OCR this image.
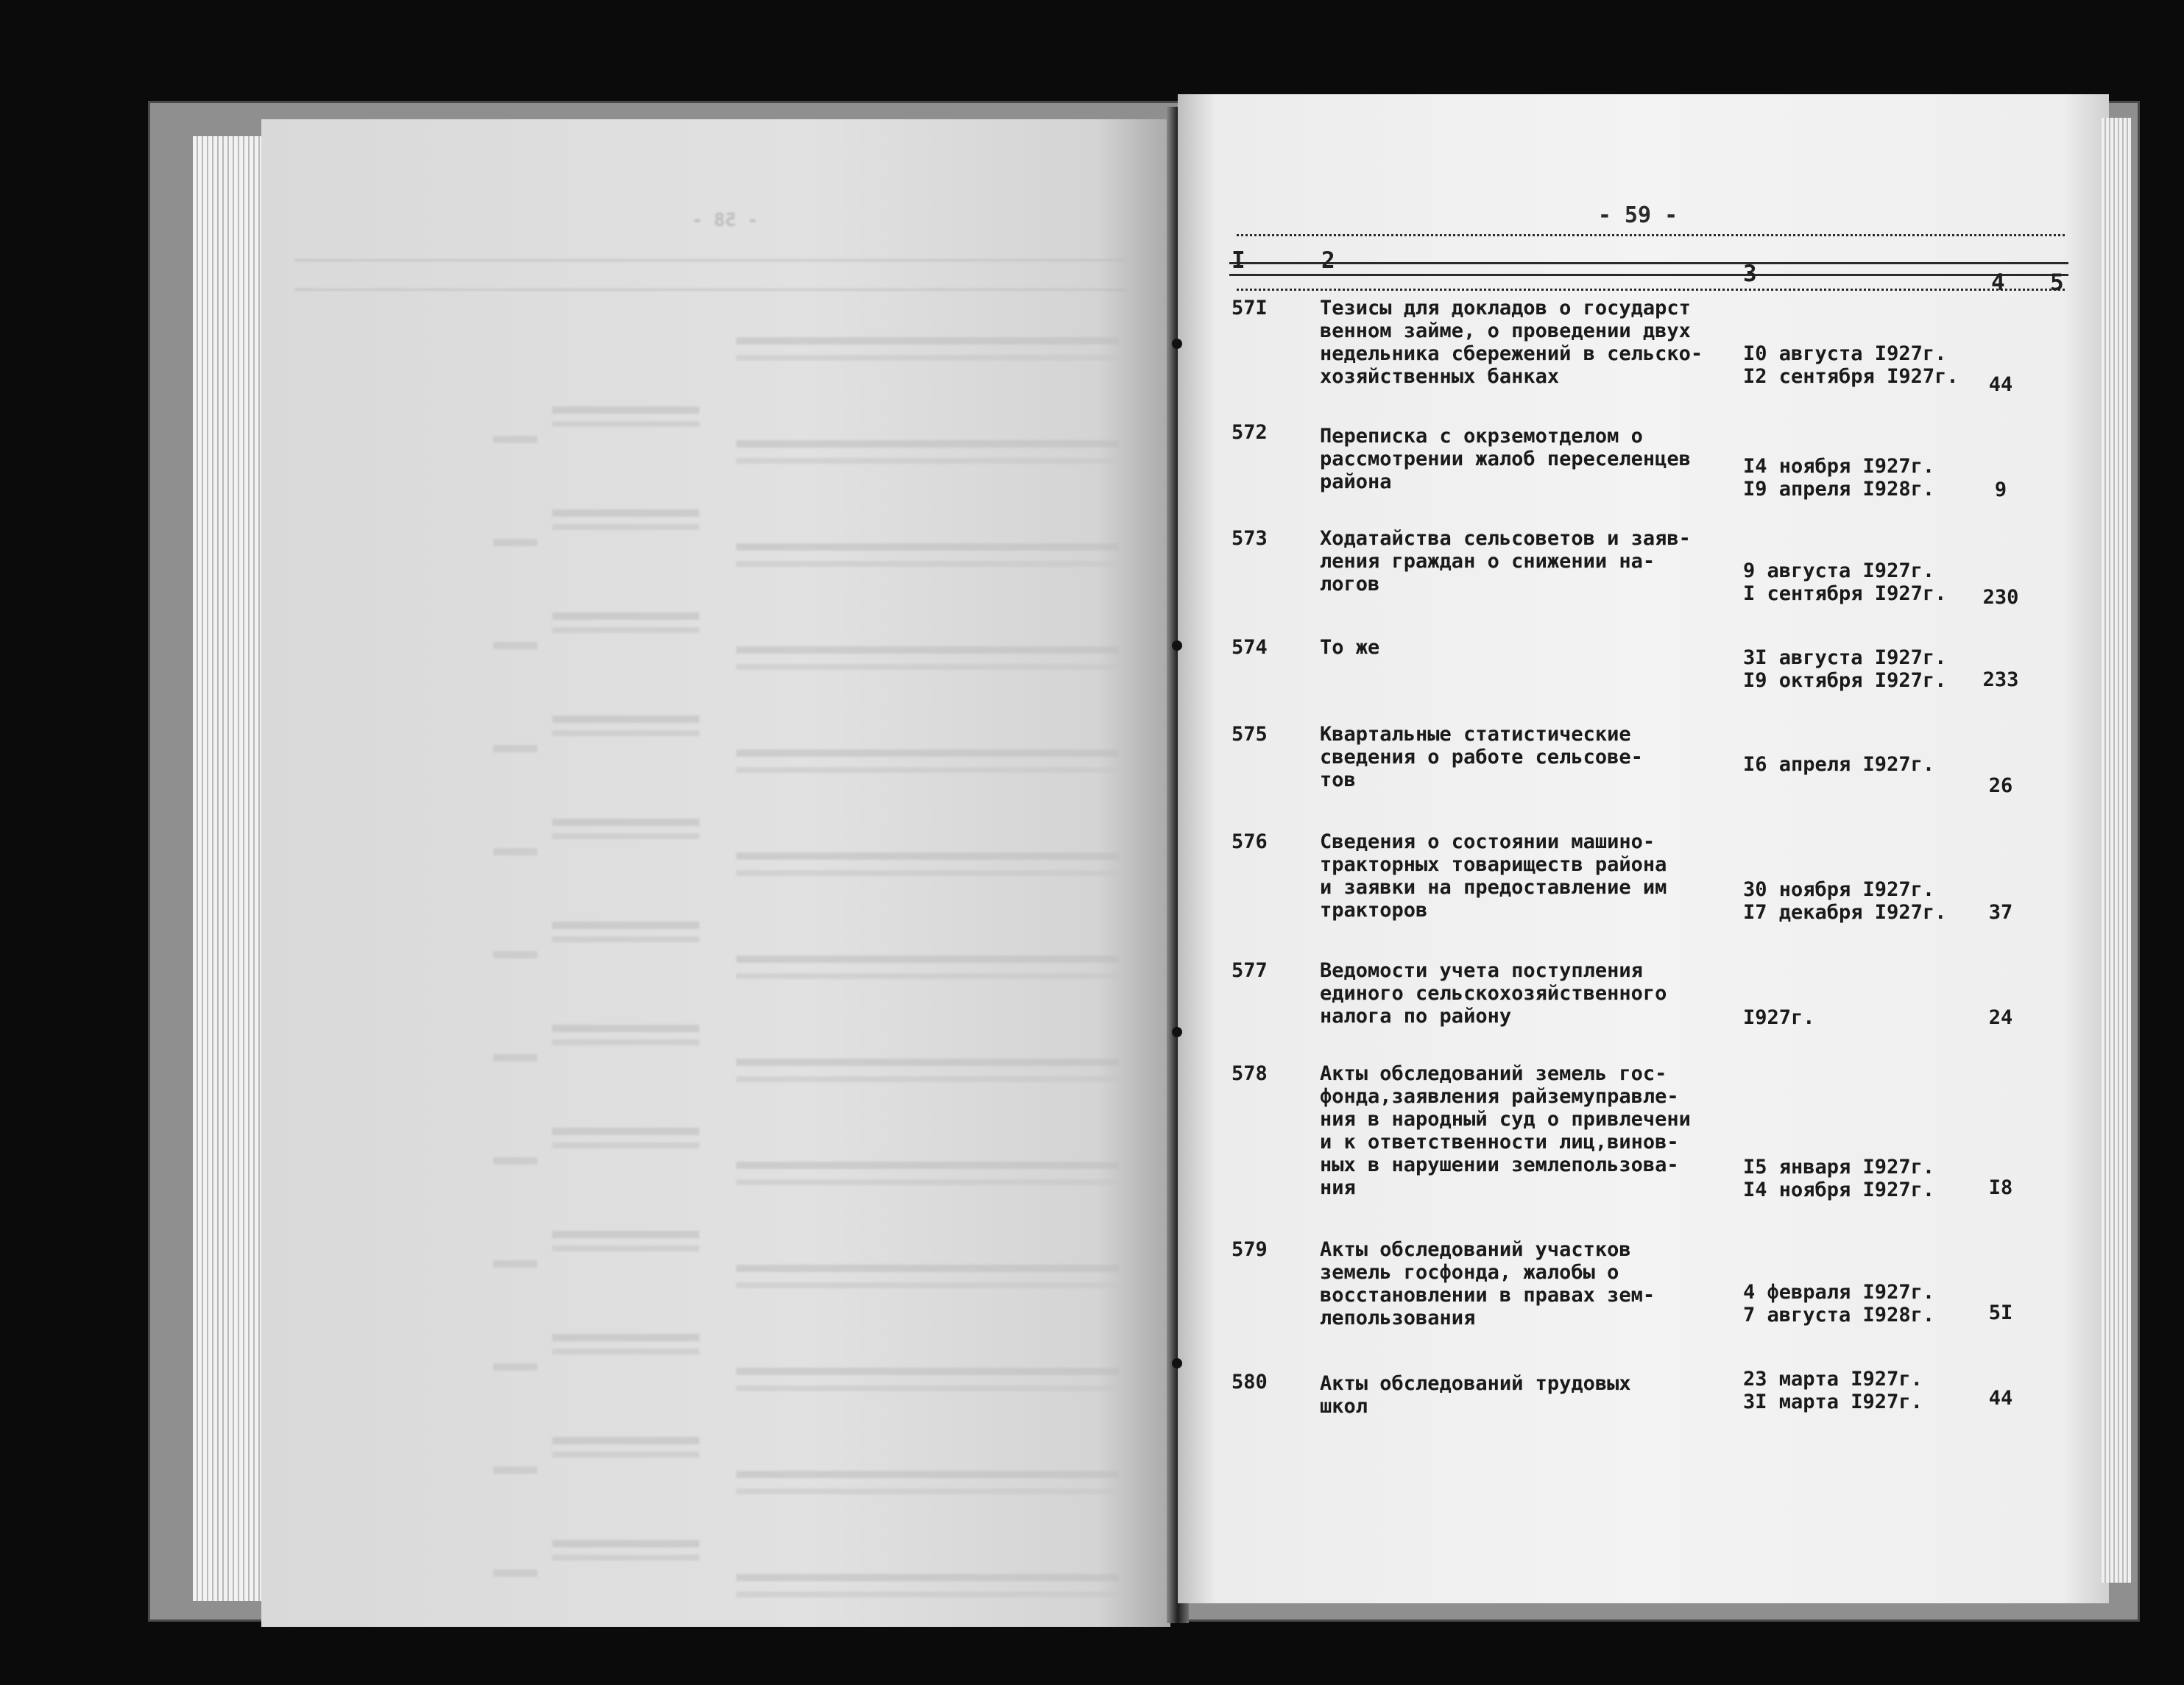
- 58 -
	- 59 -
I	2	3	4 5
57I	Тезисы для докладов о государст
венном займе, о проведении двух
недельника сбережений в сельско-
хозяйственных банках
I0 августа I927г.
I2 сентября I927г.	44
572	Переписка с окрземотделом о
рассмотрении жалоб переселенцев
района
I4 ноября I927г.
I9 апреля I928г.	9
573	Ходатайства сельсоветов и заяв-
ления граждан о снижении на-
логов
9 августа I927г.
I сентября I927г. 230
574	То же	3I августа I927г.
I9 октября I927г. 233
575	Квартальные статистические
сведения о работе сельсове-
тов
I6 апреля I927г.
26
576	Сведения о состоянии машино-
тракторных товариществ района
и заявки на предоставление им
тракторов
30 ноября I927г.
I7 декабря I927г.	37
577	Ведомости учета поступления
единого сельскохозяйственного
налога по району	I927г.	24
578	Акты обследований земель гос-
фонда,заявления райземуправле-
ния в народный суд о привлечени
и к ответственности лиц,винов-
ных в нарушении землепользова-
ния
I5 января I927г.
I4 ноября I927г.	I8
579	Акты обследований участков
земель госфонда, жалобы о
восстановлении в правах зем-
лепользования
4 февраля I927г.
7 августа I928г.	5I
580	Акты обследований трудовых
школ
23 марта I927г.
3I марта I927г.	44
